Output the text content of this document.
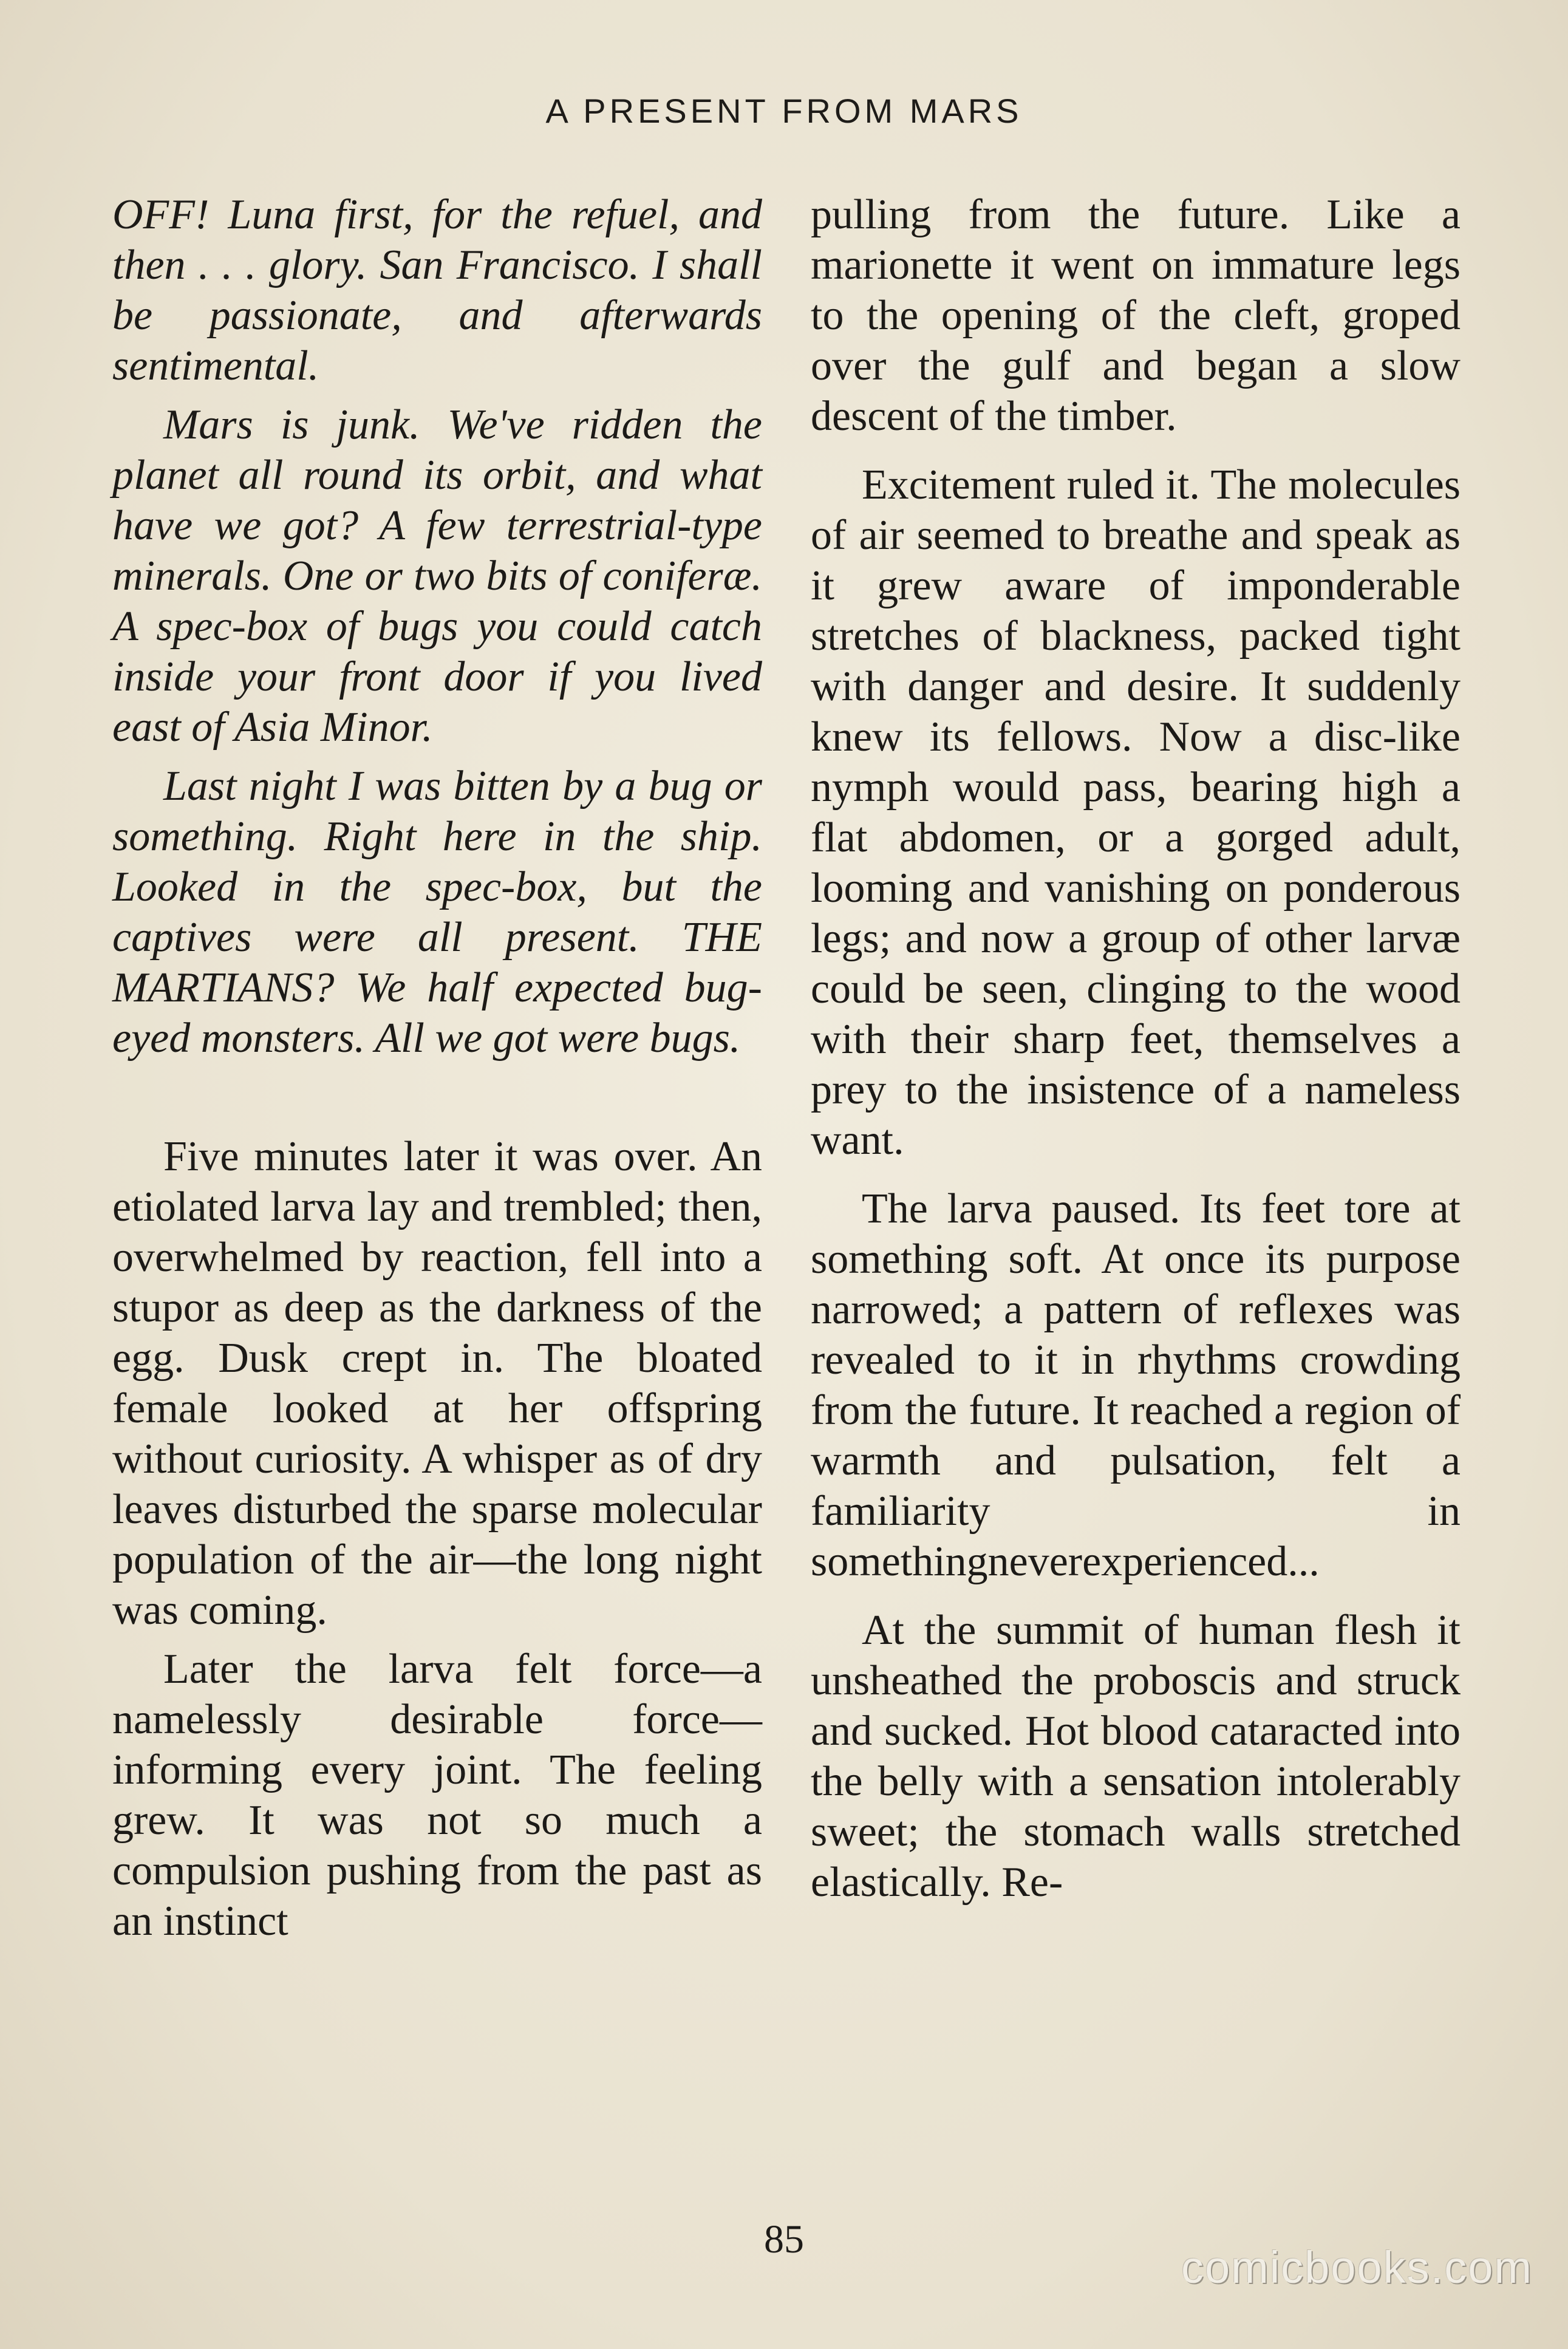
A PRESENT FROM MARS

OFF! Luna first, for the refuel, and then . . . glory. San Francisco. I shall be passionate, and afterwards sentimental.

Mars is junk. We've ridden the planet all round its orbit, and what have we got? A few terrestrial-type minerals. One or two bits of coniferæ. A spec-box of bugs you could catch inside your front door if you lived east of Asia Minor.

Last night I was bitten by a bug or something. Right here in the ship. Looked in the spec-box, but the captives were all present. THE MARTIANS? We half expected bug-eyed monsters. All we got were bugs.

Five minutes later it was over. An etiolated larva lay and trembled; then, overwhelmed by reaction, fell into a stupor as deep as the darkness of the egg. Dusk crept in. The bloated female looked at her offspring without curiosity. A whisper as of dry leaves disturbed the sparse molecular population of the air—the long night was coming.

Later the larva felt force—a namelessly desirable force—informing every joint. The feeling grew. It was not so much a compulsion pushing from the past as an instinct

pulling from the future. Like a marionette it went on immature legs to the opening of the cleft, groped over the gulf and began a slow descent of the timber.

Excitement ruled it. The molecules of air seemed to breathe and speak as it grew aware of imponderable stretches of blackness, packed tight with danger and desire. It suddenly knew its fellows. Now a disc-like nymph would pass, bearing high a flat abdomen, or a gorged adult, looming and vanishing on ponderous legs; and now a group of other larvæ could be seen, clinging to the wood with their sharp feet, themselves a prey to the insistence of a nameless want.

The larva paused. Its feet tore at something soft. At once its purpose narrowed; a pattern of reflexes was revealed to it in rhythms crowding from the future. It reached a region of warmth and pulsation, felt a familiarity in somethingneverexperienced...

At the summit of human flesh it unsheathed the proboscis and struck and sucked. Hot blood cataracted into the belly with a sensation intolerably sweet; the stomach walls stretched elastically. Re-

85
comicbooks.com
